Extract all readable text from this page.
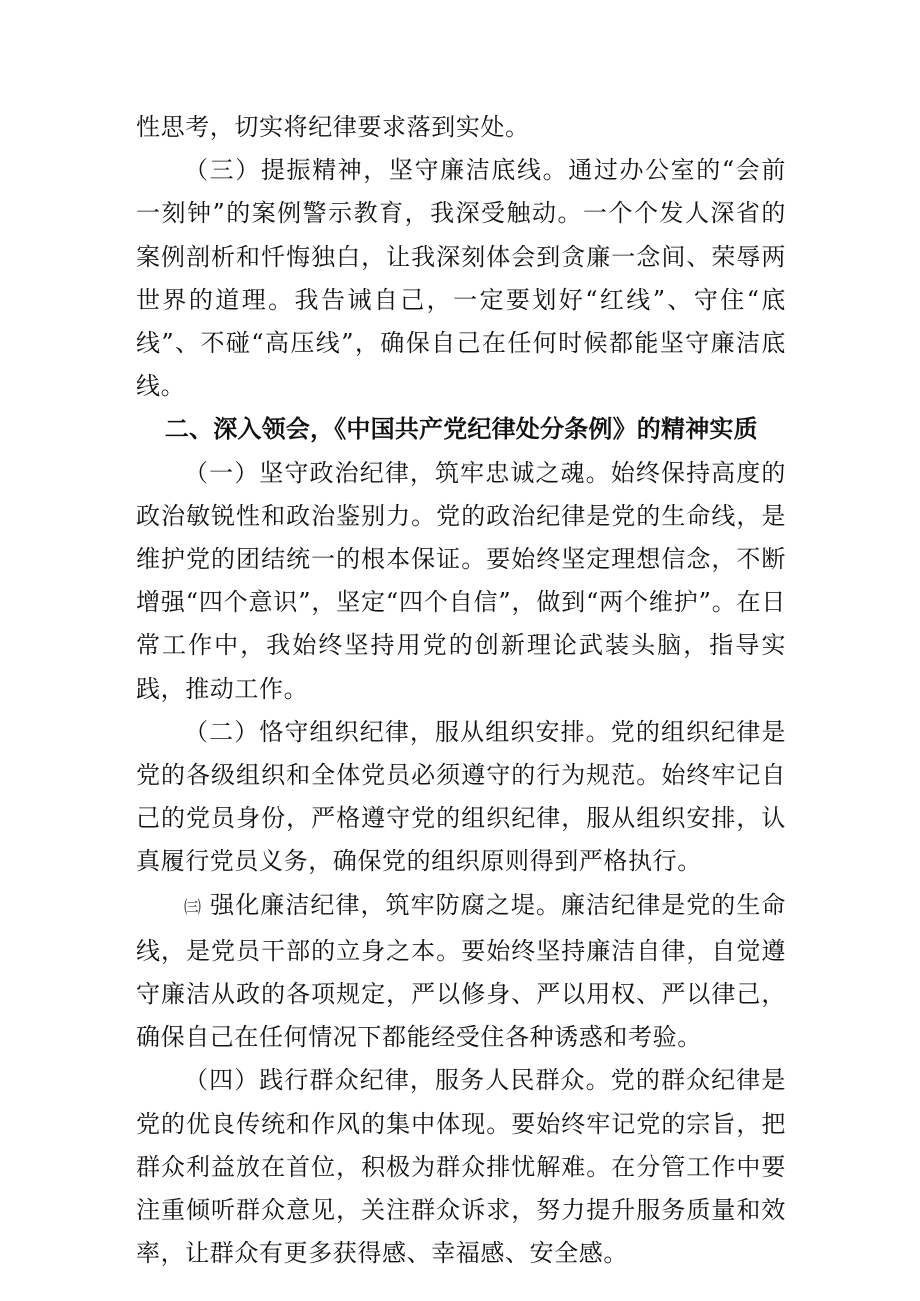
性思考，切实将纪律要求落到实处。

（三）提振精神，坚守廉洁底线。通过办公室的“会前一刻钟”的案例警示教育，我深受触动。一个个发人深省的案例剖析和忏悔独白，让我深刻体会到贪廉一念间、荣辱两世界的道理。我告诫自己，一定要划好“红线”、守住“底线”、不碰“高压线”，确保自己在任何时候都能坚守廉洁底线。

二、深入领会，《中国共产党纪律处分条例》的精神实质

（一）坚守政治纪律，筑牢忠诚之魂。始终保持高度的政治敏锐性和政治鉴别力。党的政治纪律是党的生命线，是维护党的团结统一的根本保证。要始终坚定理想信念，不断增强“四个意识”，坚定“四个自信”，做到“两个维护”。在日常工作中，我始终坚持用党的创新理论武装头脑，指导实践，推动工作。

（二）恪守组织纪律，服从组织安排。党的组织纪律是党的各级组织和全体党员必须遵守的行为规范。始终牢记自己的党员身份，严格遵守党的组织纪律，服从组织安排，认真履行党员义务，确保党的组织原则得到严格执行。

㈢ 强化廉洁纪律，筑牢防腐之堤。廉洁纪律是党的生命线，是党员干部的立身之本。要始终坚持廉洁自律，自觉遵守廉洁从政的各项规定，严以修身、严以用权、严以律己，确保自己在任何情况下都能经受住各种诱惑和考验。

（四）践行群众纪律，服务人民群众。党的群众纪律是党的优良传统和作风的集中体现。要始终牢记党的宗旨，把群众利益放在首位，积极为群众排忧解难。在分管工作中要注重倾听群众意见，关注群众诉求，努力提升服务质量和效率，让群众有更多获得感、幸福感、安全感。
